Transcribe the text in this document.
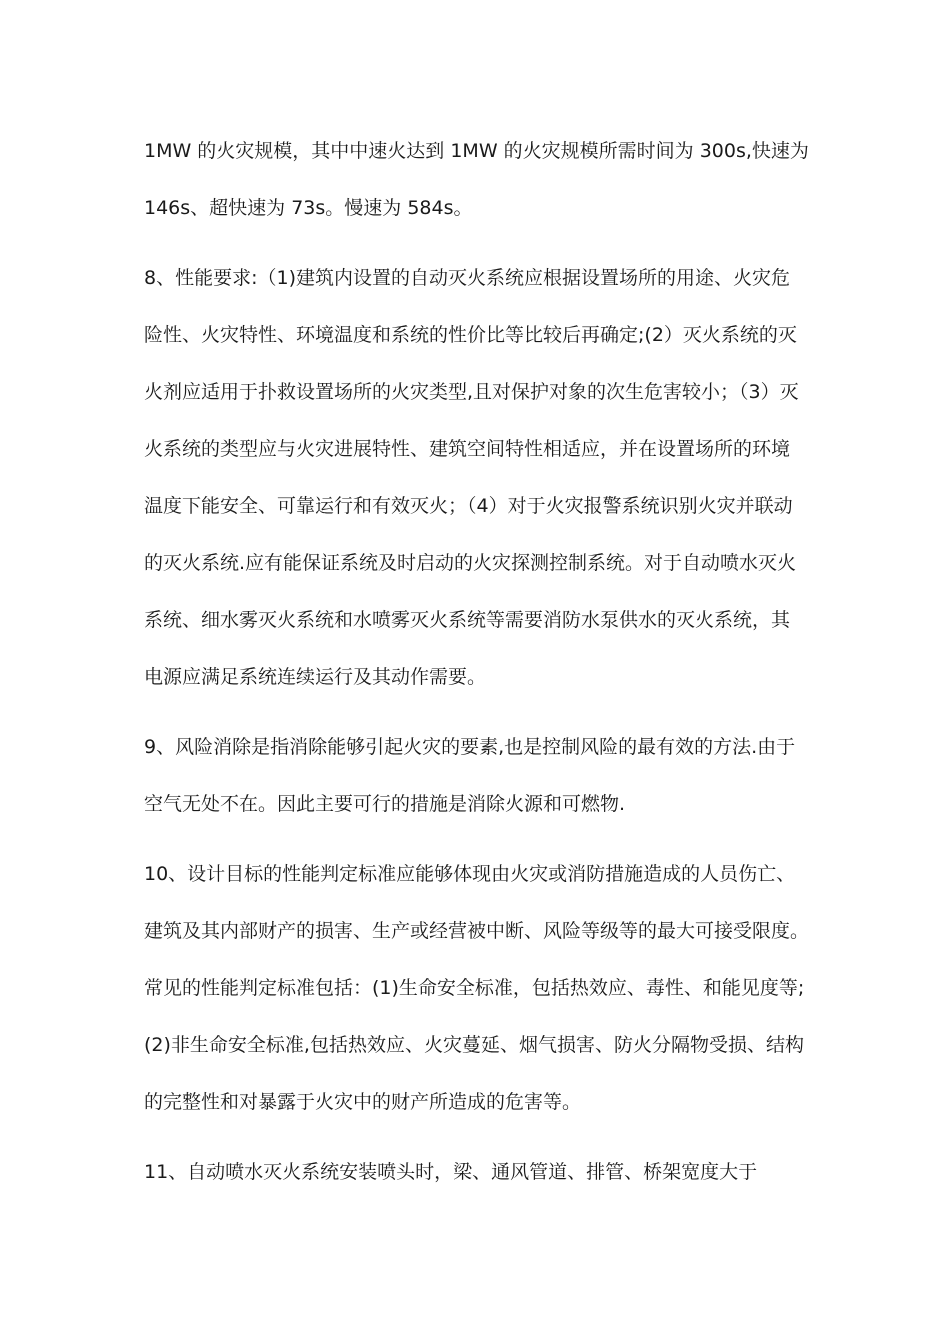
1MW 的火灾规模，其中中速火达到 1MW 的火灾规模所需时间为 300s,快速为
146s、超快速为 73s。慢速为 584s。
8、性能要求:（1)建筑内设置的自动灭火系统应根据设置场所的用途、火灾危
险性、火灾特性、环境温度和系统的性价比等比较后再确定;(2）灭火系统的灭
火剂应适用于扑救设置场所的火灾类型,且对保护对象的次生危害较小；（3）灭
火系统的类型应与火灾进展特性、建筑空间特性相适应，并在设置场所的环境
温度下能安全、可靠运行和有效灭火；（4）对于火灾报警系统识别火灾并联动
的灭火系统.应有能保证系统及时启动的火灾探测控制系统。对于自动喷水灭火
系统、细水雾灭火系统和水喷雾灭火系统等需要消防水泵供水的灭火系统，其
电源应满足系统连续运行及其动作需要。
9、风险消除是指消除能够引起火灾的要素,也是控制风险的最有效的方法.由于
空气无处不在。因此主要可行的措施是消除火源和可燃物.
10、设计目标的性能判定标准应能够体现由火灾或消防措施造成的人员伤亡、
建筑及其内部财产的损害、生产或经营被中断、风险等级等的最大可接受限度。
常见的性能判定标准包括：(1)生命安全标准，包括热效应、毒性、和能见度等;
(2)非生命安全标准,包括热效应、火灾蔓延、烟气损害、防火分隔物受损、结构
的完整性和对暴露于火灾中的财产所造成的危害等。
11、自动喷水灭火系统安装喷头时，梁、通风管道、排管、桥架宽度大于
